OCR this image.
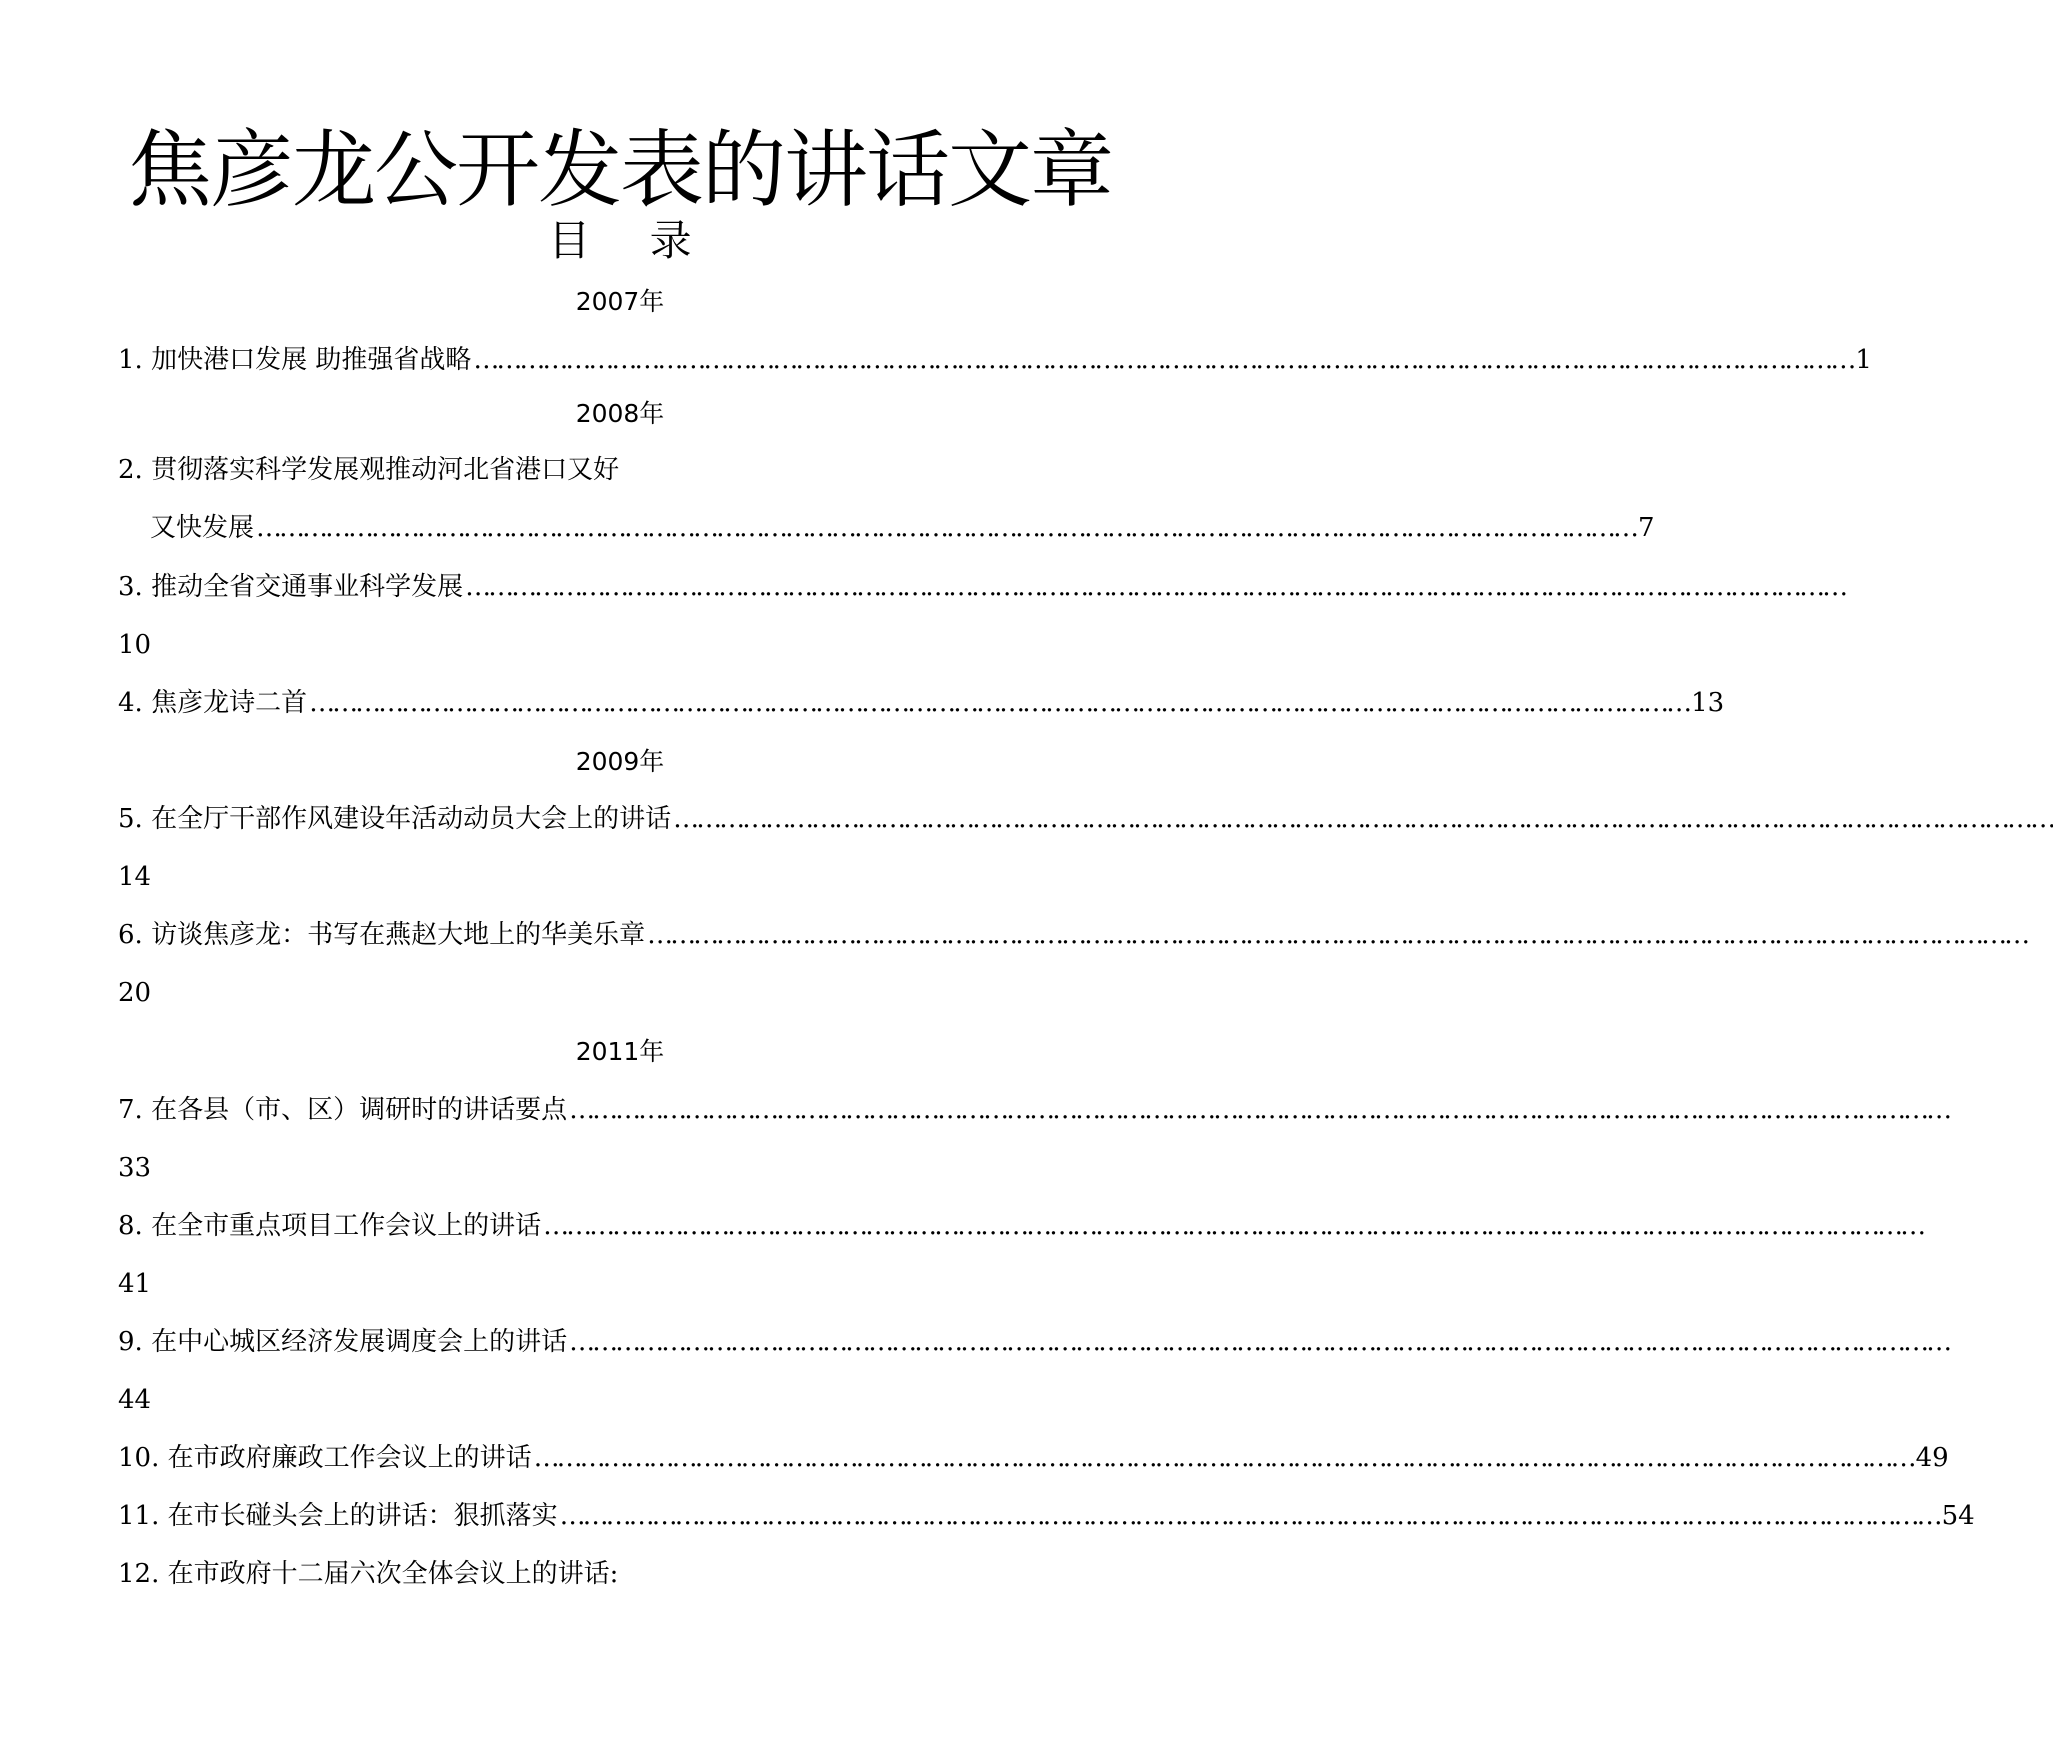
焦彦龙公开发表的讲话文章
目 录
2007年
1. 加快港口发展 助推强省战略 ……………………………………………………………………………………………………………………………………………………………… 1
2008年
2. 贯彻落实科学发展观推动河北省港口又好
又快发展 ……………………………………………………………………………………………………………………………………………………………… 7
3. 推动全省交通事业科学发展 ………………………………………………………………………………………………………………………………………………………………
10
4. 焦彦龙诗二首 ……………………………………………………………………………………………………………………………………………………………… 13
2009年
5. 在全厅干部作风建设年活动动员大会上的讲话 ………………………………………………………………………………………………………………………………………………………………
14
6. 访谈焦彦龙：书写在燕赵大地上的华美乐章 ………………………………………………………………………………………………………………………………………………………………
20
2011年
7. 在各县（市、区）调研时的讲话要点 ………………………………………………………………………………………………………………………………………………………………
33
8. 在全市重点项目工作会议上的讲话 ………………………………………………………………………………………………………………………………………………………………
41
9. 在中心城区经济发展调度会上的讲话 ………………………………………………………………………………………………………………………………………………………………
44
10. 在市政府廉政工作会议上的讲话 ……………………………………………………………………………………………………………………………………………………………… 49
11. 在市长碰头会上的讲话：狠抓落实 ……………………………………………………………………………………………………………………………………………………………… 54
12. 在市政府十二届六次全体会议上的讲话:
